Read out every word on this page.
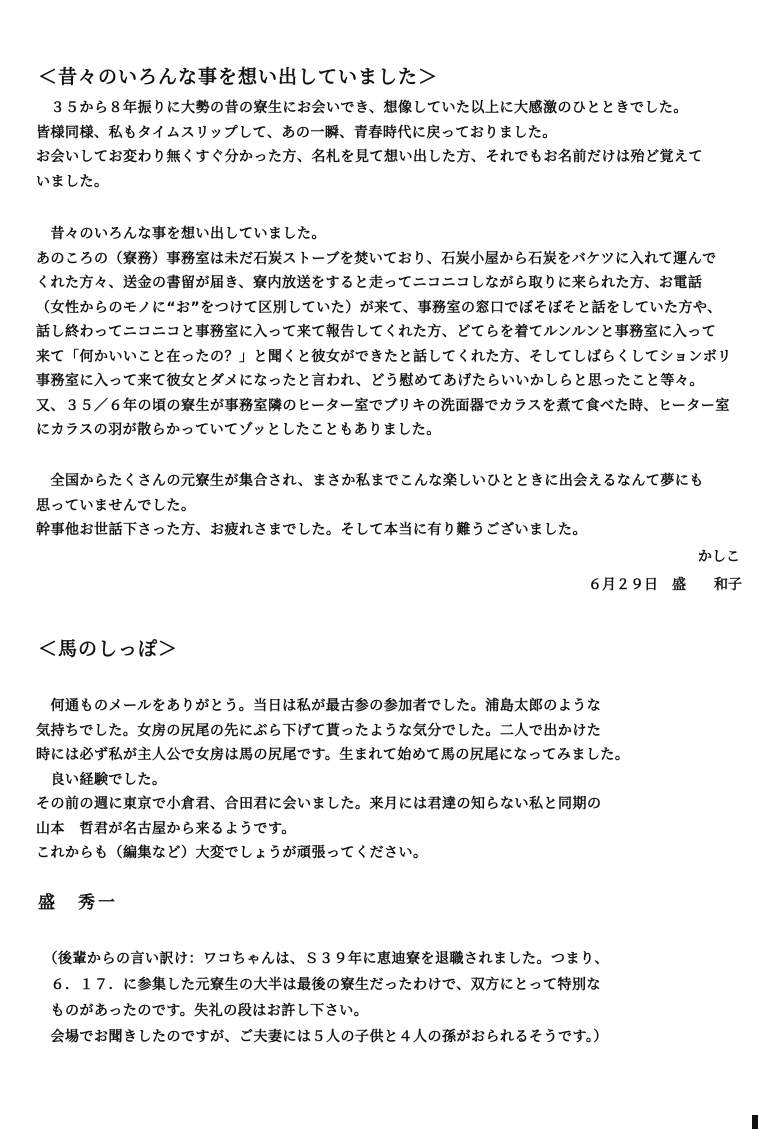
＜昔々のいろんな事を想い出していました＞
　３５から８年振りに大勢の昔の寮生にお会いでき、想像していた以上に大感激のひとときでした。
皆様同様、私もタイムスリップして、あの一瞬、青春時代に戻っておりました。
お会いしてお変わり無くすぐ分かった方、名札を見て想い出した方、それでもお名前だけは殆ど覚えて
いました。
　昔々のいろんな事を想い出していました。
あのころの（寮務）事務室は未だ石炭ストーブを焚いており、石炭小屋から石炭をバケツに入れて運んで
くれた方々、送金の書留が届き、寮内放送をすると走ってニコニコしながら取りに来られた方、お電話
（女性からのモノに“お”をつけて区別していた）が来て、事務室の窓口でぼそぼそと話をしていた方や、
話し終わってニコニコと事務室に入って来て報告してくれた方、どてらを着てルンルンと事務室に入って
来て「何かいいこと在ったの？」と聞くと彼女ができたと話してくれた方、そしてしばらくしてションボリ
事務室に入って来て彼女とダメになったと言われ、どう慰めてあげたらいいかしらと思ったこと等々。
又、３５／６年の頃の寮生が事務室隣のヒーター室でブリキの洗面器でカラスを煮て食べた時、ヒーター室
にカラスの羽が散らかっていてゾッとしたこともありました。
　全国からたくさんの元寮生が集合され、まさか私までこんな楽しいひとときに出会えるなんて夢にも
思っていませんでした。
幹事他お世話下さった方、お疲れさまでした。そして本当に有り難うございました。
かしこ
６月２９日　盛　　和子
＜馬のしっぽ＞
　何通ものメールをありがとう。当日は私が最古参の参加者でした。浦島太郎のような
気持ちでした。女房の尻尾の先にぶら下げて貰ったような気分でした。二人で出かけた
時には必ず私が主人公で女房は馬の尻尾です。生まれて始めて馬の尻尾になってみました。
　良い経験でした。
その前の週に東京で小倉君、合田君に会いました。来月には君達の知らない私と同期の
山本　哲君が名古屋から来るようです。
これからも（編集など）大変でしょうが頑張ってください。
盛　秀一
　（後輩からの言い訳け：ワコちゃんは、Ｓ３９年に恵迪寮を退職されました。つまり、
　６．１７．に参集した元寮生の大半は最後の寮生だったわけで、双方にとって特別な
　ものがあったのです。失礼の段はお許し下さい。
　会場でお聞きしたのですが、ご夫妻には５人の子供と４人の孫がおられるそうです。）
